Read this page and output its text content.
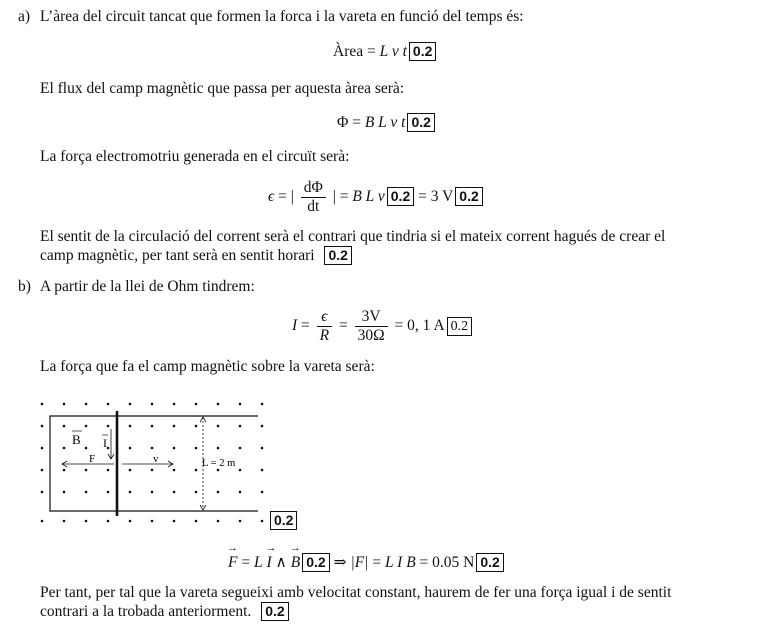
a) L’àrea del circuit tancat que formen la forca i la vareta en funció del temps és:
Àrea = L v t 0.2
El flux del camp magnètic que passa per aquesta àrea serà:
Φ = B L v t 0.2
La força electromotriu generada en el circuït serà:
ϵ = | $\frac{d\Phi}{dt}$ | = B L v 0.2 = 3 V 0.2
El sentit de la circulació del corrent serà el contrari que tindria si el mateix corrent hagués de crear el
camp magnètic, per tant serà en sentit horari 0.2
b) A partir de la llei de Ohm tindrem:
$I = \frac{\epsilon}{R} = \frac{3V}{30\Omega} = 0$, 1 A 0.2
La força que fa el camp magnètic sobre la vareta serà:
B I
F	v	L = 2 m
0.2
F → = L I → ∧ B → 0.2 ⇒ |F| = L I B = 0.05 N 0.2
Per tant, per tal que la vareta segueixi amb velocitat constant, haurem de fer una força igual i de sentit
contrari a la trobada anteriorment. 0.2
